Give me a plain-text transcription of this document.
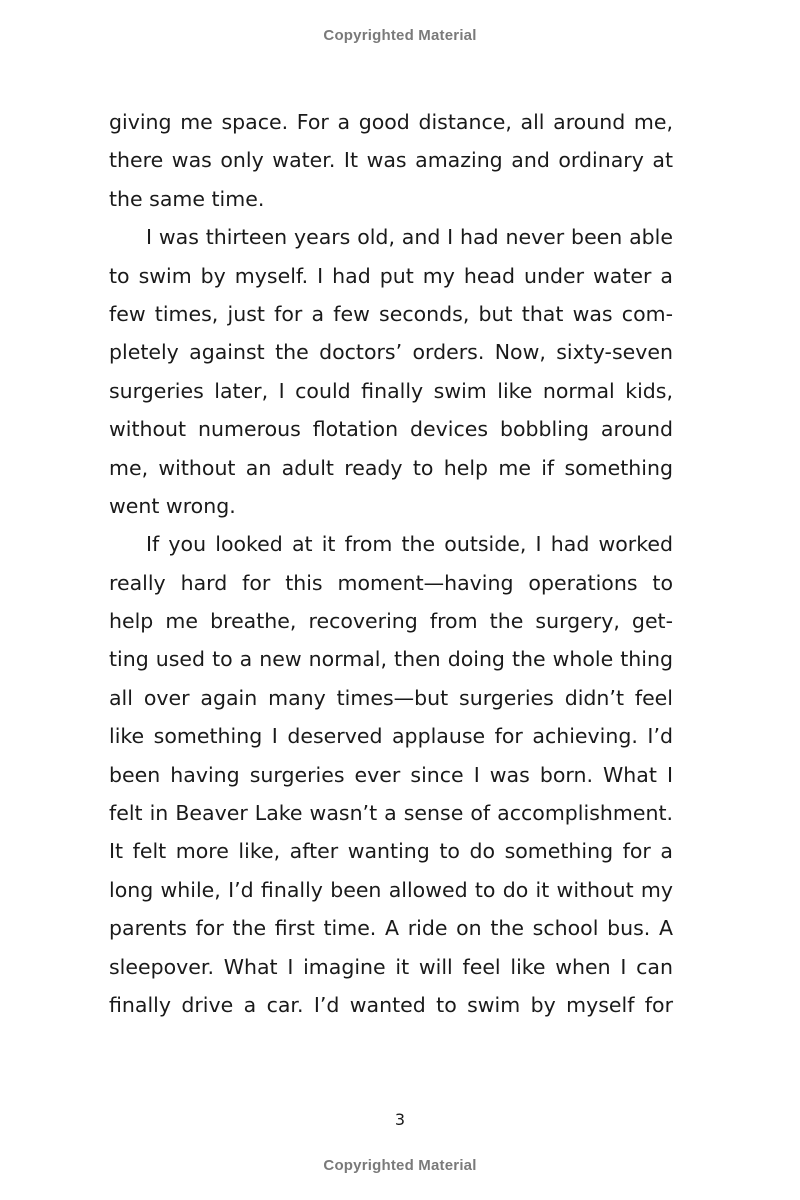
Copyrighted Material

giving me space. For a good distance, all around me,
there was only water. It was amazing and ordinary at
the same time.

I was thirteen years old, and I had never been able
to swim by myself. I had put my head under water a
few times, just for a few seconds, but that was com-
pletely against the doctors’ orders. Now, sixty-seven
surgeries later, I could finally swim like normal kids,
without numerous flotation devices bobbling around
me, without an adult ready to help me if something
went wrong.

If you looked at it from the outside, I had worked
really hard for this moment—having operations to
help me breathe, recovering from the surgery, get-
ting used to a new normal, then doing the whole thing
all over again many times—but surgeries didn’t feel
like something I deserved applause for achieving. I’d
been having surgeries ever since I was born. What I
felt in Beaver Lake wasn’t a sense of accomplishment.
It felt more like, after wanting to do something for a
long while, I’d finally been allowed to do it without my
parents for the first time. A ride on the school bus. A
sleepover. What I imagine it will feel like when I can
finally drive a car. I’d wanted to swim by myself for

3
Copyrighted Material
